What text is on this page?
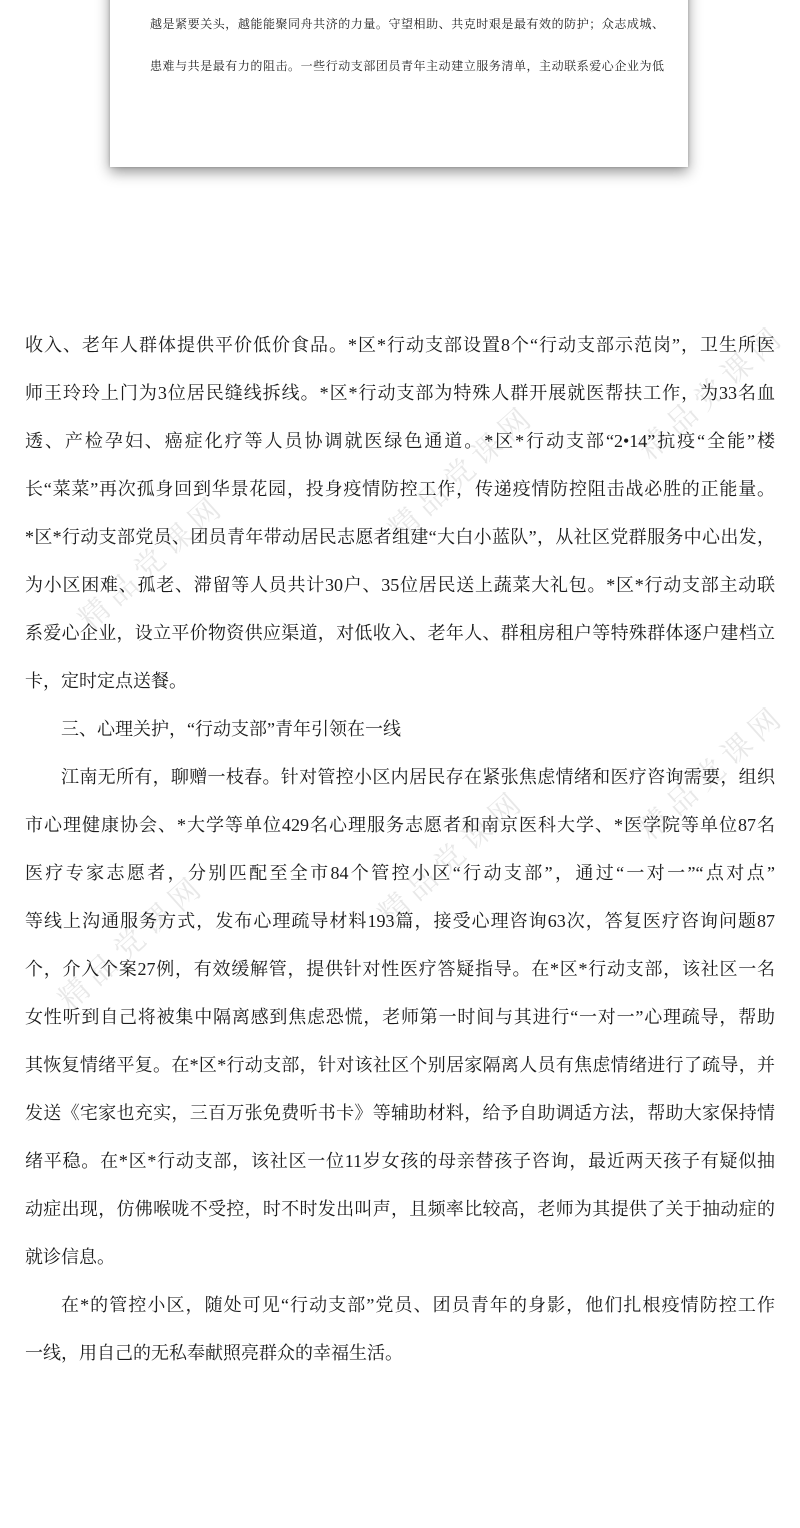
精品党课网
精品党课网
精品党课网
精品党课网
精品党课网
精品党课网
越是紧要关头，越能能聚同舟共济的力量。守望相助、共克时艰是最有效的防护；众志成城、
患难与共是最有力的阻击。一些行动支部团员青年主动建立服务清单，主动联系爱心企业为低
收入、老年人群体提供平价低价食品。*区*行动支部设置8个“行动支部示范岗”，卫生所医
师王玲玲上门为3位居民缝线拆线。*区*行动支部为特殊人群开展就医帮扶工作，为33名血
透、产检孕妇、癌症化疗等人员协调就医绿色通道。*区*行动支部“2•14”抗疫“全能”楼
长“菜菜”再次孤身回到华景花园，投身疫情防控工作，传递疫情防控阻击战必胜的正能量。
*区*行动支部党员、团员青年带动居民志愿者组建“大白小蓝队”，从社区党群服务中心出发，
为小区困难、孤老、滞留等人员共计30户、35位居民送上蔬菜大礼包。*区*行动支部主动联
系爱心企业，设立平价物资供应渠道，对低收入、老年人、群租房租户等特殊群体逐户建档立
卡，定时定点送餐。
三、心理关护，“行动支部”青年引领在一线
江南无所有，聊赠一枝春。针对管控小区内居民存在紧张焦虑情绪和医疗咨询需要，组织
市心理健康协会、*大学等单位429名心理服务志愿者和南京医科大学、*医学院等单位87名
医疗专家志愿者，分别匹配至全市84个管控小区“行动支部”，通过“一对一”“点对点”
等线上沟通服务方式，发布心理疏导材料193篇，接受心理咨询63次，答复医疗咨询问题87
个，介入个案27例，有效缓解管，提供针对性医疗答疑指导。在*区*行动支部，该社区一名
女性听到自己将被集中隔离感到焦虑恐慌，老师第一时间与其进行“一对一”心理疏导，帮助
其恢复情绪平复。在*区*行动支部，针对该社区个别居家隔离人员有焦虑情绪进行了疏导，并
发送《宅家也充实，三百万张免费听书卡》等辅助材料，给予自助调适方法，帮助大家保持情
绪平稳。在*区*行动支部，该社区一位11岁女孩的母亲替孩子咨询，最近两天孩子有疑似抽
动症出现，仿佛喉咙不受控，时不时发出叫声，且频率比较高，老师为其提供了关于抽动症的
就诊信息。
在*的管控小区，随处可见“行动支部”党员、团员青年的身影，他们扎根疫情防控工作
一线，用自己的无私奉献照亮群众的幸福生活。
